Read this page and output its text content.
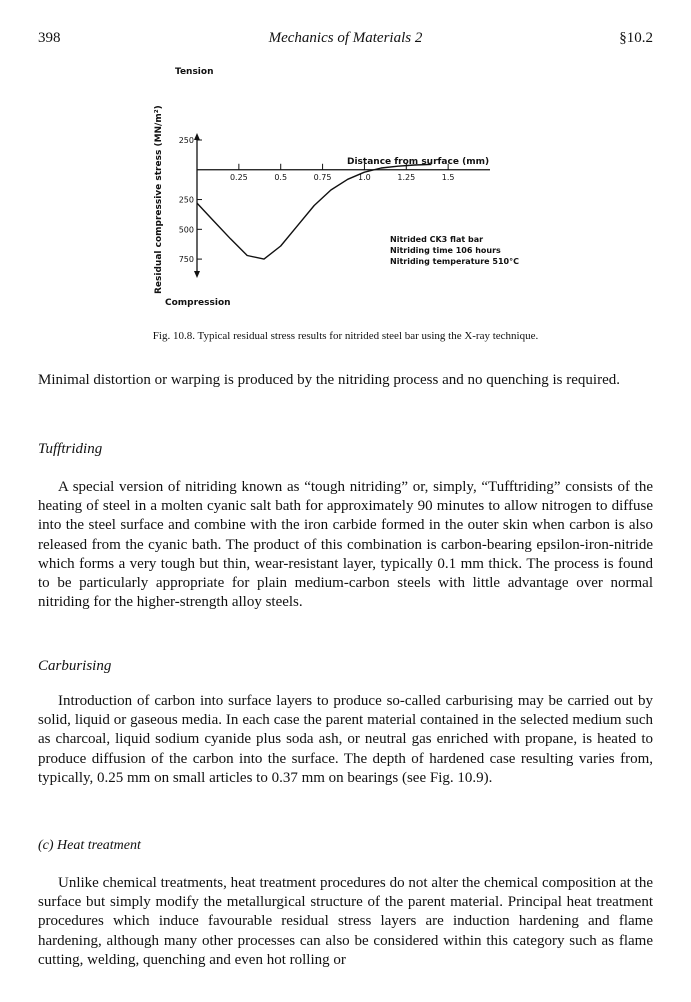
398	Mechanics of Materials 2	§10.2
Tension
Compression
Residual compressive stress (MN/m²)	Distance from surface (mm)
Nitrided CK3 flat bar
Nitriding time 106 hours
Nitriding temperature 510°C
0.25	0.5	0.75	1.0	1.25	1.5
250
250
500
750
Fig. 10.8. Typical residual stress results for nitrided steel bar using the X-ray technique.
Minimal distortion or warping is produced by the nitriding process and no quenching is required.
Tufftriding
A special version of nitriding known as “tough nitriding” or, simply, “Tufftriding” consists of the heating of steel in a molten cyanic salt bath for approximately 90 minutes to allow nitrogen to diffuse into the steel surface and combine with the iron carbide formed in the outer skin when carbon is also released from the cyanic bath. The product of this combination is carbon-bearing epsilon-iron-nitride which forms a very tough but thin, wear-resistant layer, typically 0.1 mm thick. The process is found to be particularly appropriate for plain medium-carbon steels with little advantage over normal nitriding for the higher-strength alloy steels.
Carburising
Introduction of carbon into surface layers to produce so-called carburising may be carried out by solid, liquid or gaseous media. In each case the parent material contained in the selected medium such as charcoal, liquid sodium cyanide plus soda ash, or neutral gas enriched with propane, is heated to produce diffusion of the carbon into the surface. The depth of hardened case resulting varies from, typically, 0.25 mm on small articles to 0.37 mm on bearings (see Fig. 10.9).
(c) Heat treatment
Unlike chemical treatments, heat treatment procedures do not alter the chemical composition at the surface but simply modify the metallurgical structure of the parent material. Principal heat treatment procedures which induce favourable residual stress layers are induction hardening and flame hardening, although many other processes can also be considered within this category such as flame cutting, welding, quenching and even hot rolling or
